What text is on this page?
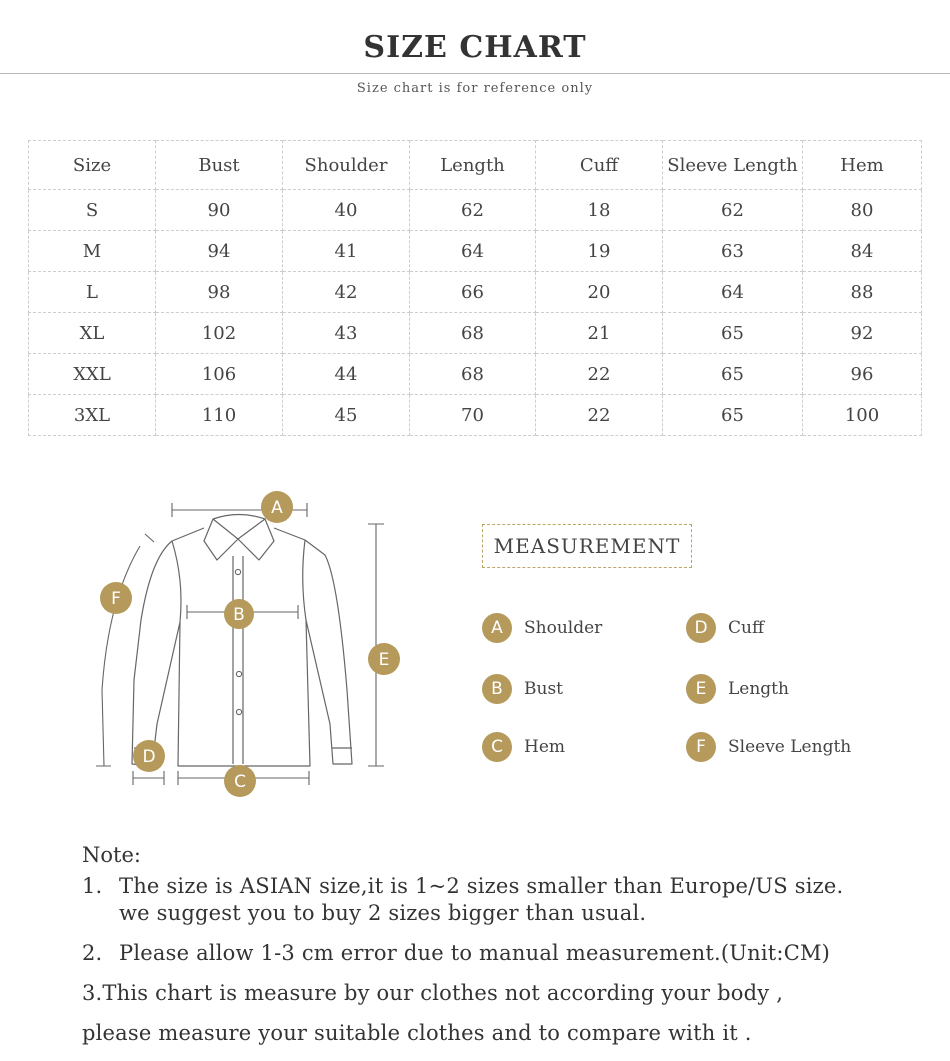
SIZE CHART
Size chart is for reference only
Size	Bust	Shoulder	Length	Cuff	Sleeve Length	Hem
S	90	40	62	18	62	80
M	94	41	64	19	63	84
L	98	42	66	20	64	88
XL	102	43	68	21	65	92
XXL	106	44	68	22	65	96
3XL	110	45	70	22	65	100
A
B
C
D
E
F
MEASUREMENT
A	Shoulder
B	Bust
C	Hem
D	Cuff
E	Length
F	Sleeve Length
Note:
1. The size is ASIAN size,it is 1~2 sizes smaller than Europe/US size.
we suggest you to buy 2 sizes bigger than usual.
2. Please allow 1-3 cm error due to manual measurement.(Unit:CM)
3.This chart is measure by our clothes not according your body ,
please measure your suitable clothes and to compare with it .
